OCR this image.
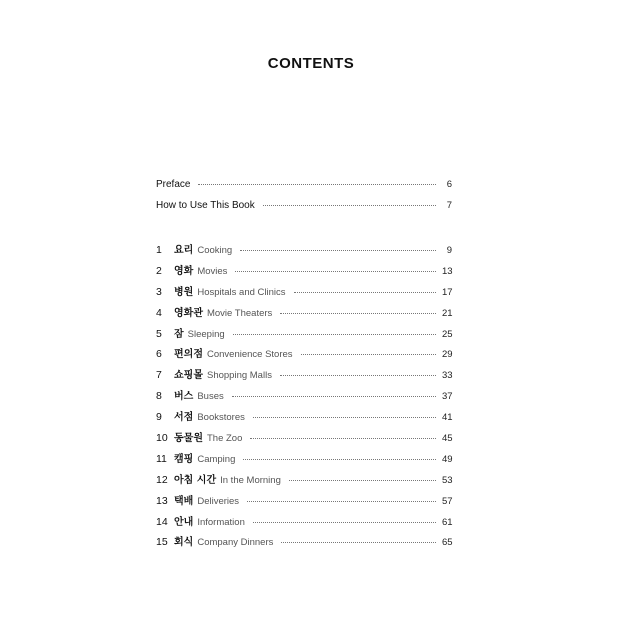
CONTENTS
Preface	6
How to Use This Book	7
1	요리 Cooking	9
2	영화 Movies	13
3	병원 Hospitals and Clinics	17
4	영화관 Movie Theaters	21
5	잠 Sleeping	25
6	편의점 Convenience Stores	29
7	쇼핑몰 Shopping Malls	33
8	버스 Buses	37
9	서점 Bookstores	41
10 동물원 The Zoo	45
11 캠핑 Camping	49
12 아침 시간 In the Morning	53
13 택배 Deliveries	57
14 안내 Information	61
15 회식 Company Dinners	65
